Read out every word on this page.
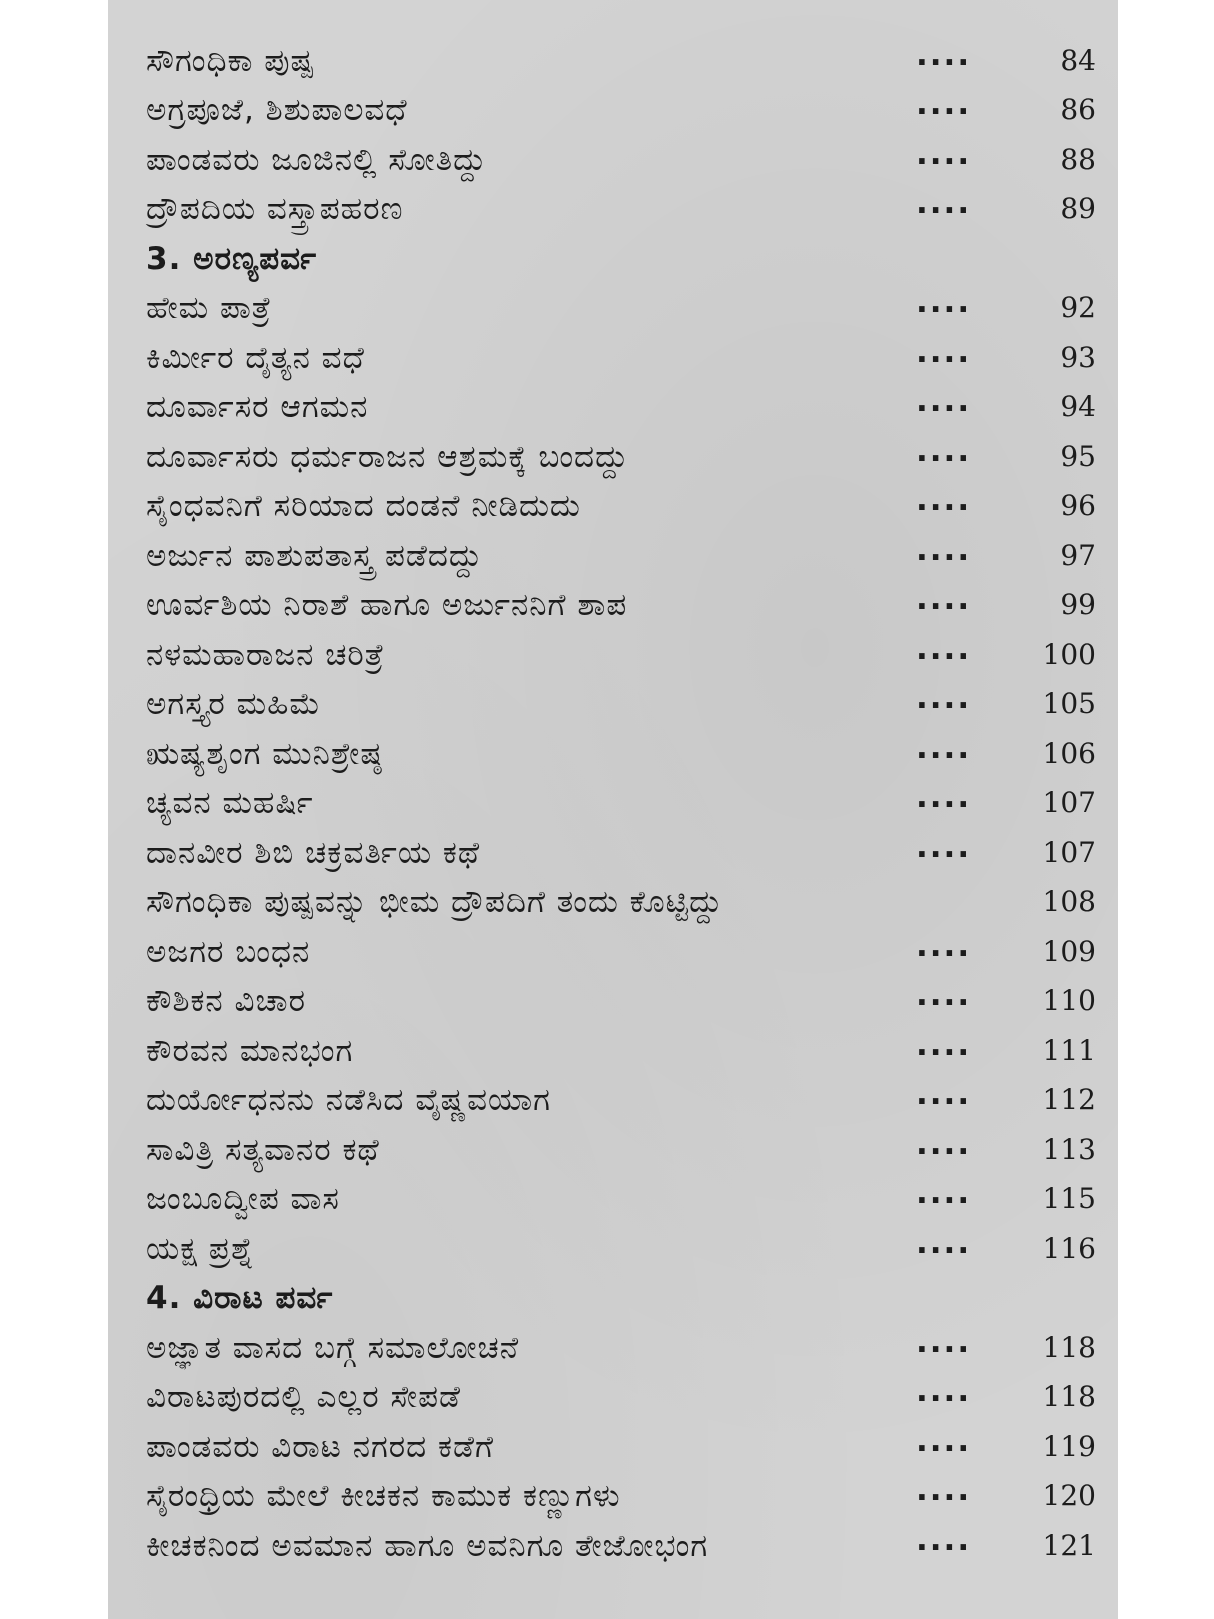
ಸೌಗಂಧಿಕಾ ಪುಷ್ಪ	....	84
ಅಗ್ರಪೂಜೆ, ಶಿಶುಪಾಲವಧೆ	....	86
ಪಾಂಡವರು ಜೂಜಿನಲ್ಲಿ ಸೋತಿದ್ದು	....	88
ದ್ರೌಪದಿಯ ವಸ್ತ್ರಾಪಹರಣ	....	89
3. ಅರಣ್ಯಪರ್ವ
ಹೇಮ ಪಾತ್ರೆ	....	92
ಕಿರ್ಮೀರ ದೈತ್ಯನ ವಧೆ	....	93
ದೂರ್ವಾಸರ ಆಗಮನ	....	94
ದೂರ್ವಾಸರು ಧರ್ಮರಾಜನ ಆಶ್ರಮಕ್ಕೆ ಬಂದದ್ದು	....	95
ಸೈಂಧವನಿಗೆ ಸರಿಯಾದ ದಂಡನೆ ನೀಡಿದುದು	....	96
ಅರ್ಜುನ ಪಾಶುಪತಾಸ್ತ್ರ ಪಡೆದದ್ದು	....	97
ಊರ್ವಶಿಯ ನಿರಾಶೆ ಹಾಗೂ ಅರ್ಜುನನಿಗೆ ಶಾಪ	....	99
ನಳಮಹಾರಾಜನ ಚರಿತ್ರೆ	....	100
ಅಗಸ್ತ್ಯರ ಮಹಿಮೆ	....	105
ಋಷ್ಯಶೃಂಗ ಮುನಿಶ್ರೇಷ್ಠ	....	106
ಚ್ಯವನ ಮಹರ್ಷಿ	....	107
ದಾನವೀರ ಶಿಬಿ ಚಕ್ರವರ್ತಿಯ ಕಥೆ	....	107
ಸೌಗಂಧಿಕಾ ಪುಷ್ಪವನ್ನು ಭೀಮ ದ್ರೌಪದಿಗೆ ತಂದು ಕೊಟ್ಟಿದ್ದು	108
ಅಜಗರ ಬಂಧನ	....	109
ಕೌಶಿಕನ ವಿಚಾರ	....	110
ಕೌರವನ ಮಾನಭಂಗ	....	111
ದುರ್ಯೋಧನನು ನಡೆಸಿದ ವೈಷ್ಣವಯಾಗ	....	112
ಸಾವಿತ್ರಿ ಸತ್ಯವಾನರ ಕಥೆ	....	113
ಜಂಬೂದ್ವೀಪ ವಾಸ	....	115
ಯಕ್ಷ ಪ್ರಶ್ನೆ	....	116
4. ವಿರಾಟ ಪರ್ವ
ಅಜ್ಞಾತ ವಾಸದ ಬಗ್ಗೆ ಸಮಾಲೋಚನೆ	....	118
ವಿರಾಟಪುರದಲ್ಲಿ ಎಲ್ಲರ ಸೇಪಡೆ	....	118
ಪಾಂಡವರು ವಿರಾಟ ನಗರದ ಕಡೆಗೆ	....	119
ಸೈರಂಧ್ರಿಯ ಮೇಲೆ ಕೀಚಕನ ಕಾಮುಕ ಕಣ್ಣುಗಳು	....	120
ಕೀಚಕನಿಂದ ಅವಮಾನ ಹಾಗೂ ಅವನಿಗೂ ತೇಜೋಭಂಗ	....	121
